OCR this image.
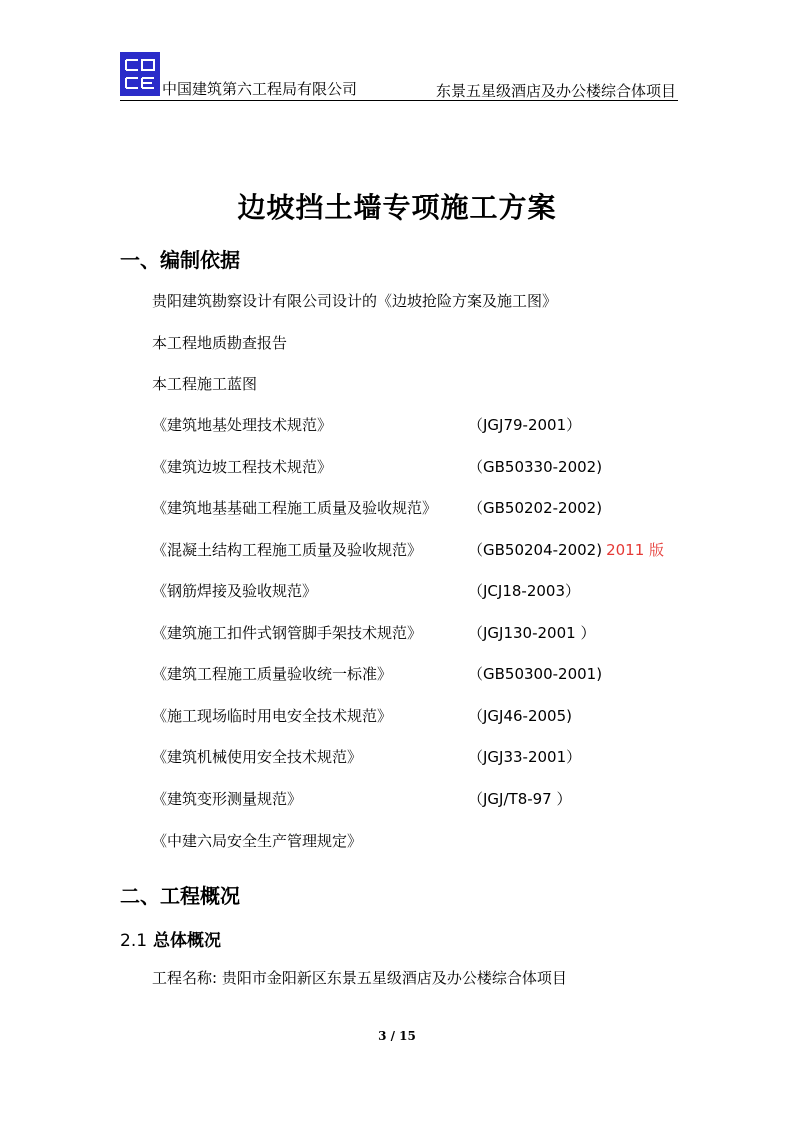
中国建筑第六工程局有限公司	东景五星级酒店及办公楼综合体项目
边坡挡土墙专项施工方案
一、编制依据
贵阳建筑勘察设计有限公司设计的《边坡抢险方案及施工图》
本工程地质勘查报告
本工程施工蓝图
《建筑地基处理技术规范》	（JGJ79-2001）
《建筑边坡工程技术规范》	（GB50330-2002)
《建筑地基基础工程施工质量及验收规范》 （GB50202-2002)
《混凝土结构工程施工质量及验收规范》	（GB50204-2002) 2011 版
《钢筋焊接及验收规范》	（JCJ18-2003）
《建筑施工扣件式钢管脚手架技术规范》	（JGJ130-2001 ）
《建筑工程施工质量验收统一标准》	（GB50300-2001)
《施工现场临时用电安全技术规范》	（JGJ46-2005)
《建筑机械使用安全技术规范》	（JGJ33-2001）
《建筑变形测量规范》	（JGJ/T8-97 ）
《中建六局安全生产管理规定》
二、工程概况
2.1 总体概况
工程名称: 贵阳市金阳新区东景五星级酒店及办公楼综合体项目
3 / 15
